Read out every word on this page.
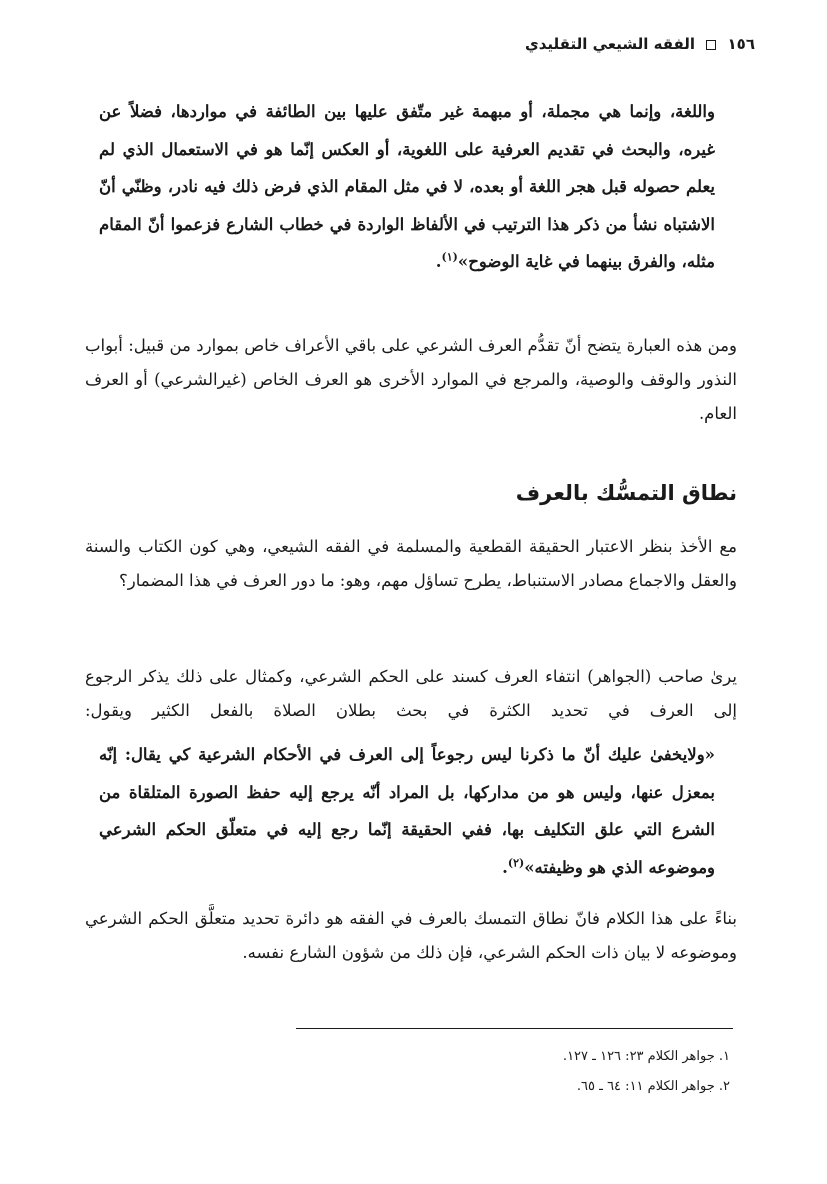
١٥٦  الفقه الشيعي التقليدي
واللغة، وإنما هي مجملة، أو مبهمة غير متّفق عليها بين الطائفة في مواردها، فضلاً عن غيره، والبحث في تقديم العرفية على اللغوية، أو العكس إنّما هو في الاستعمال الذي لم يعلم حصوله قبل هجر اللغة أو بعده، لا في مثل المقام الذي فرض ذلك فيه نادر، وظنّي أنّ الاشتباه نشأ من ذكر هذا الترتيب في الألفاظ الواردة في خطاب الشارع فزعموا أنّ المقام مثله، والفرق بينهما في غاية الوضوح»$^{(١)}$.
ومن هذه العبارة يتضح أنّ تقدُّم العرف الشرعي على باقي الأعراف خاص بموارد من قبيل: أبواب النذور والوقف والوصية، والمرجع في الموارد الأخرى هو العرف الخاص (غيرالشرعي) أو العرف العام.
نطاق التمسُّك بالعرف
مع الأخذ بنظر الاعتبار الحقيقة القطعية والمسلمة في الفقه الشيعي، وهي كون الكتاب والسنة والعقل والاجماع مصادر الاستنباط، يطرح تساؤل مهم، وهو: ما دور العرف في هذا المضمار؟
يرىٰ صاحب (الجواهر) انتفاء العرف كسند على الحكم الشرعي، وكمثال على ذلك يذكر الرجوع إلى العرف في تحديد الكثرة في بحث بطلان الصلاة بالفعل الكثير ويقول:
«ولايخفىٰ عليك أنّ ما ذكرنا ليس رجوعاً إلى العرف في الأحكام الشرعية كي يقال: إنّه بمعزل عنها، وليس هو من مداركها، بل المراد أنّه يرجع إليه حفظ الصورة المتلقاة من الشرع التي علق التكليف بها، ففي الحقيقة إنّما رجع إليه في متعلّق الحكم الشرعي وموضوعه الذي هو وظيفته»$^{(٢)}$.
بناءً على هذا الكلام فانّ نطاق التمسك بالعرف في الفقه هو دائرة تحديد متعلَّق الحكم الشرعي وموضوعه لا بيان ذات الحكم الشرعي، فإن ذلك من شؤون الشارع نفسه.
١. جواهر الكلام ٢٣: ١٢٦ ـ ١٢٧.
٢. جواهر الكلام ١١: ٦٤ ـ ٦٥.
